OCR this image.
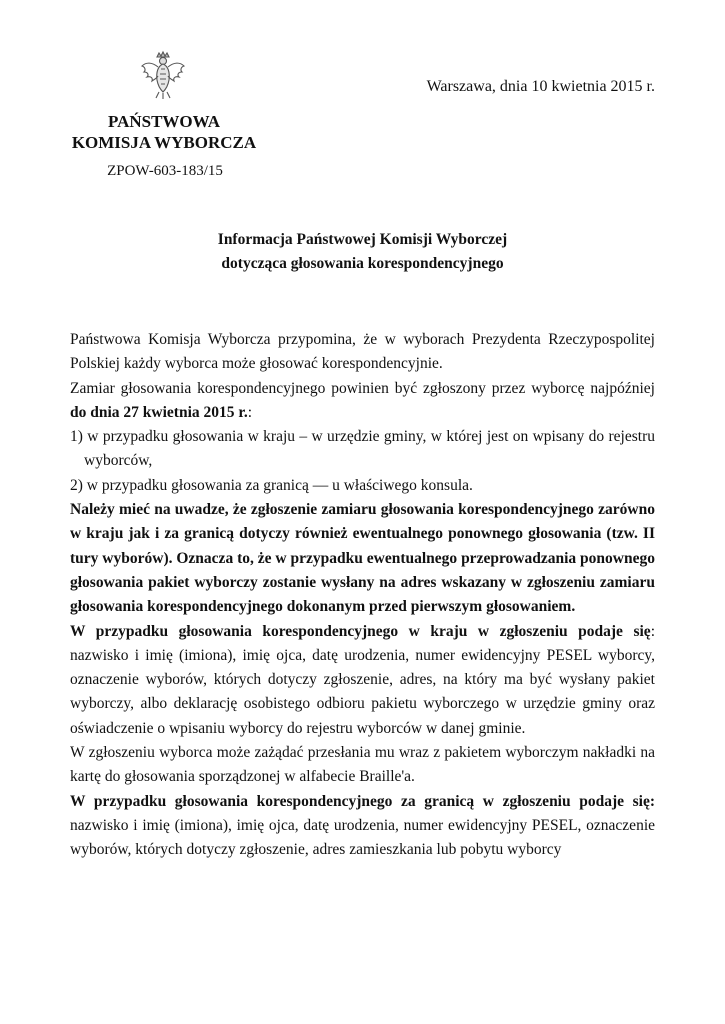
Warszawa, dnia 10 kwietnia 2015 r.
PAŃSTWOWA
KOMISJA WYBORCZA
ZPOW-603-183/15
Informacja Państwowej Komisji Wyborczej
dotycząca głosowania korespondencyjnego

Państwowa Komisja Wyborcza przypomina, że w wyborach Prezydenta Rzeczypospolitej Polskiej każdy wyborca może głosować korespondencyjnie.

Zamiar głosowania korespondencyjnego powinien być zgłoszony przez wyborcę najpóźniej do dnia 27 kwietnia 2015 r.:

1) w przypadku głosowania w kraju – w urzędzie gminy, w której jest on wpisany do rejestru wyborców,

2) w przypadku głosowania za granicą — u właściwego konsula.

Należy mieć na uwadze, że zgłoszenie zamiaru głosowania korespondencyjnego zarówno w kraju jak i za granicą dotyczy również ewentualnego ponownego głosowania (tzw. II tury wyborów). Oznacza to, że w przypadku ewentualnego przeprowadzania ponownego głosowania pakiet wyborczy zostanie wysłany na adres wskazany w zgłoszeniu zamiaru głosowania korespondencyjnego dokonanym przed pierwszym głosowaniem.

W przypadku głosowania korespondencyjnego w kraju w zgłoszeniu podaje się: nazwisko i imię (imiona), imię ojca, datę urodzenia, numer ewidencyjny PESEL wyborcy, oznaczenie wyborów, których dotyczy zgłoszenie, adres, na który ma być wysłany pakiet wyborczy, albo deklarację osobistego odbioru pakietu wyborczego w urzędzie gminy oraz oświadczenie o wpisaniu wyborcy do rejestru wyborców w danej gminie.

W zgłoszeniu wyborca może zażądać przesłania mu wraz z pakietem wyborczym nakładki na kartę do głosowania sporządzonej w alfabecie Braille'a.

W przypadku głosowania korespondencyjnego za granicą w zgłoszeniu podaje się: nazwisko i imię (imiona), imię ojca, datę urodzenia, numer ewidencyjny PESEL, oznaczenie wyborów, których dotyczy zgłoszenie, adres zamieszkania lub pobytu wyborcy
